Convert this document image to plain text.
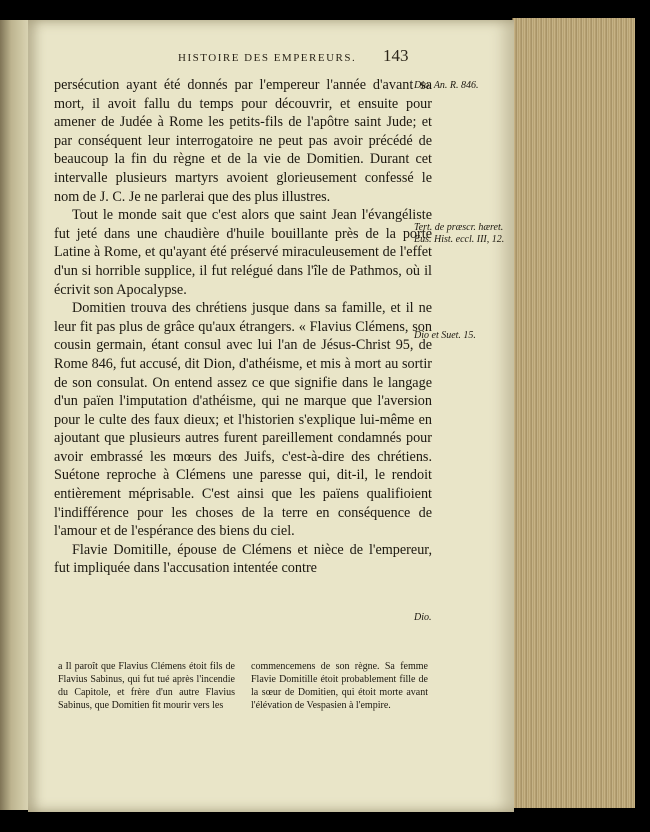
HISTOIRE DES EMPEREURS. 143

persécution ayant été donnés par l'empereur l'année d'avant sa mort, il avoit fallu du temps pour découvrir, et ensuite pour amener de Judée à Rome les petits-fils de l'apôtre saint Jude; et par conséquent leur interrogatoire ne peut pas avoir précédé de beaucoup la fin du règne et de la vie de Domitien. Durant cet intervalle plusieurs martyrs avoient glorieusement confessé le nom de J. C. Je ne parlerai que des plus illustres.

Tout le monde sait que c'est alors que saint Jean l'évangéliste fut jeté dans une chaudière d'huile bouillante près de la porte Latine à Rome, et qu'ayant été préservé miraculeusement de l'effet d'un si horrible supplice, il fut relégué dans l'île de Pathmos, où il écrivit son Apocalypse.

Domitien trouva des chrétiens jusque dans sa famille, et il ne leur fit pas plus de grâce qu'aux étrangers. « Flavius Clémens, son cousin germain, étant consul avec lui l'an de Jésus-Christ 95, de Rome 846, fut accusé, dit Dion, d'athéisme, et mis à mort au sortir de son consulat. On entend assez ce que signifie dans le langage d'un païen l'imputation d'athéisme, qui ne marque que l'aversion pour le culte des faux dieux; et l'historien s'explique lui-même en ajoutant que plusieurs autres furent pareillement condamnés pour avoir embrassé les mœurs des Juifs, c'est-à-dire des chrétiens. Suétone reproche à Clémens une paresse qui, dit-il, le rendoit entièrement méprisable. C'est ainsi que les païens qualifioient l'indifférence pour les choses de la terre en conséquence de l'amour et de l'espérance des biens du ciel.

Flavie Domitille, épouse de Clémens et nièce de l'empereur, fut impliquée dans l'accusation intentée contre

Dio. An. R. 846.
Tert. de præscr. hæret. Eus. Hist. eccl. III, 12.
Dio et Suet. 15.
Dio.
a Il paroît que Flavius Clémens étoit fils de Flavius Sabinus, qui fut tué après l'incendie du Capitole, et frère d'un autre Flavius Sabinus, que Domitien fit mourir vers les
commencemens de son règne. Sa femme Flavie Domitille étoit probablement fille de la sœur de Domitien, qui étoit morte avant l'élévation de Vespasien à l'empire.
